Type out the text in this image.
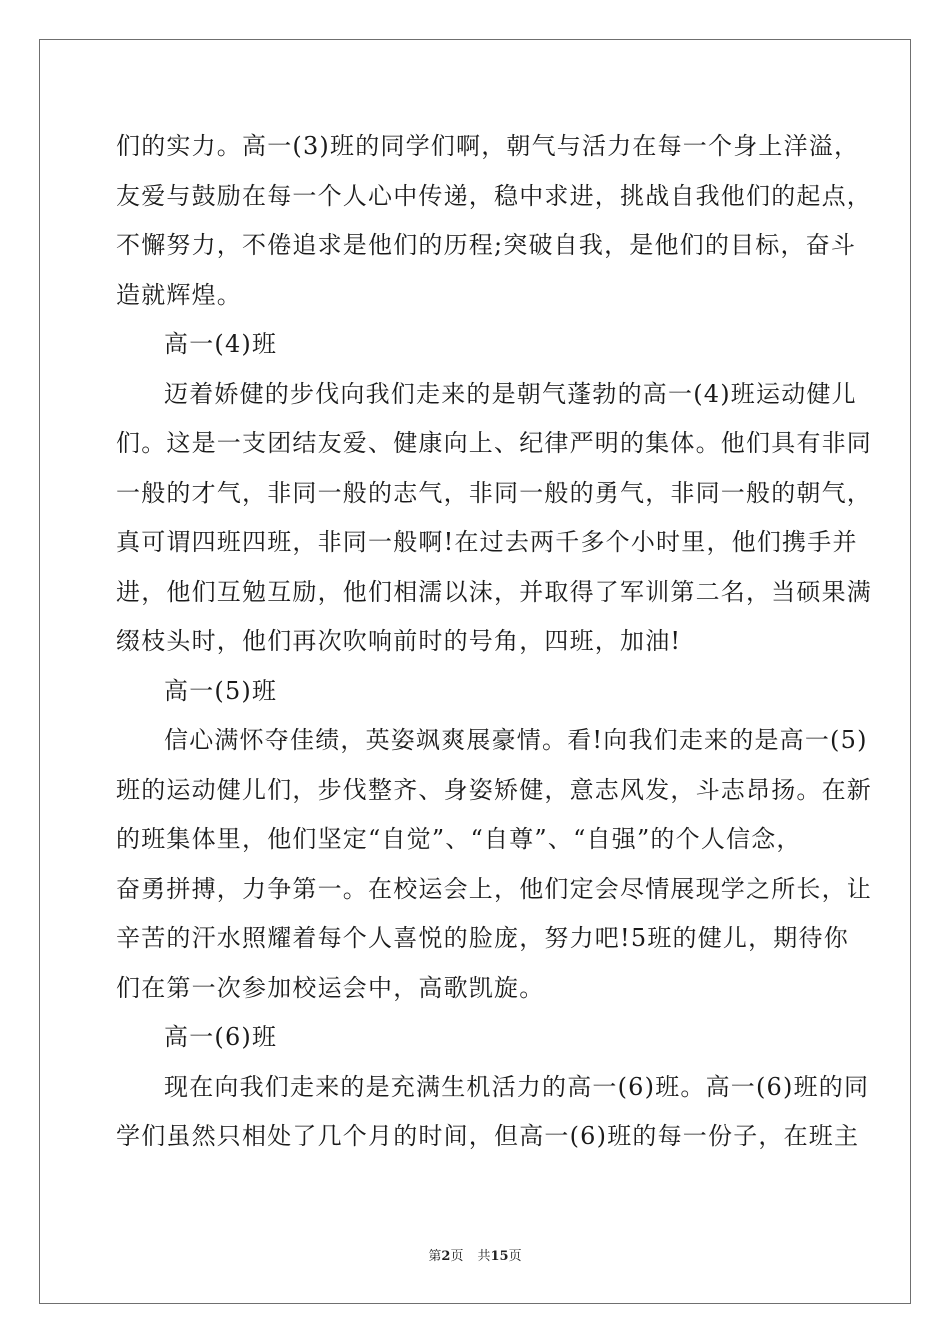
们的实力。高一(3)班的同学们啊，朝气与活力在每一个身上洋溢，
友爱与鼓励在每一个人心中传递，稳中求进，挑战自我他们的起点，
不懈努力，不倦追求是他们的历程;突破自我，是他们的目标，奋斗
造就辉煌。
高一(4)班
迈着娇健的步伐向我们走来的是朝气蓬勃的高一(4)班运动健儿
们。这是一支团结友爱、健康向上、纪律严明的集体。他们具有非同
一般的才气，非同一般的志气，非同一般的勇气，非同一般的朝气，
真可谓四班四班，非同一般啊!在过去两千多个小时里，他们携手并
进，他们互勉互励，他们相濡以沫，并取得了军训第二名，当硕果满
缀枝头时，他们再次吹响前时的号角，四班，加油!
高一(5)班
信心满怀夺佳绩，英姿飒爽展豪情。看!向我们走来的是高一(5)
班的运动健儿们，步伐整齐、身姿矫健，意志风发，斗志昂扬。在新
的班集体里，他们坚定“自觉”、“自尊”、“自强”的个人信念，
奋勇拼搏，力争第一。在校运会上，他们定会尽情展现学之所长，让
辛苦的汗水照耀着每个人喜悦的脸庞，努力吧!5班的健儿，期待你
们在第一次参加校运会中，高歌凯旋。
高一(6)班
现在向我们走来的是充满生机活力的高一(6)班。高一(6)班的同
学们虽然只相处了几个月的时间，但高一(6)班的每一份子，在班主
第2页 共15页
